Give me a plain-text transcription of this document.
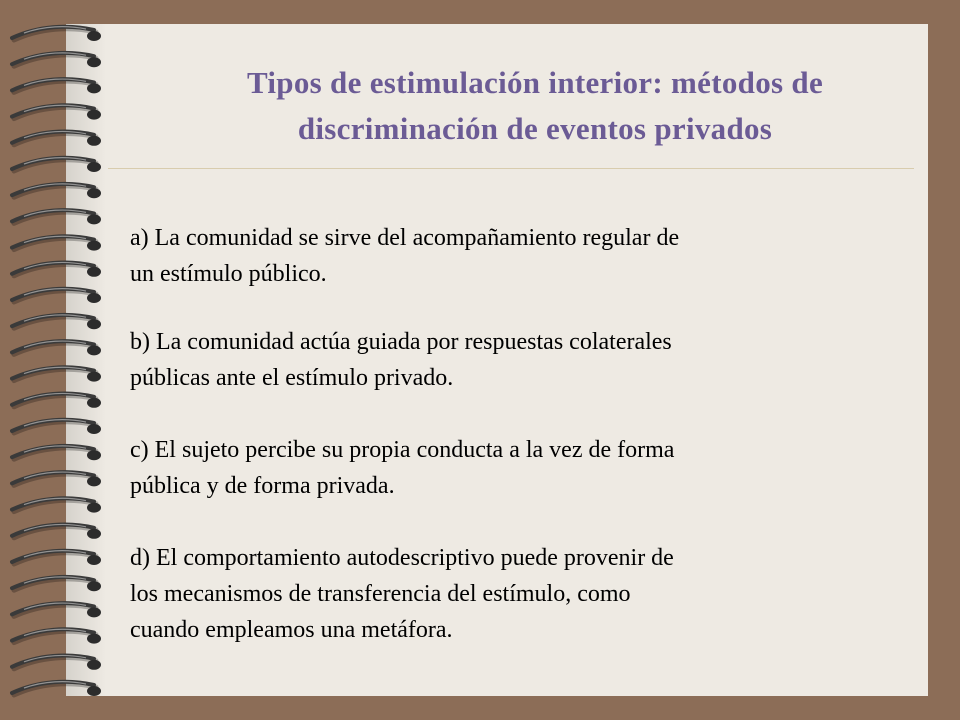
Tipos de estimulación interior: métodos de
discriminación de eventos privados
a) La comunidad se sirve del acompañamiento regular de
un estímulo público.
b) La comunidad actúa guiada por respuestas colaterales
públicas ante el estímulo privado.
c) El sujeto percibe su propia conducta a la vez de forma
pública y de forma privada.
d) El comportamiento autodescriptivo puede provenir de
los mecanismos de transferencia del estímulo, como
cuando empleamos una metáfora.
